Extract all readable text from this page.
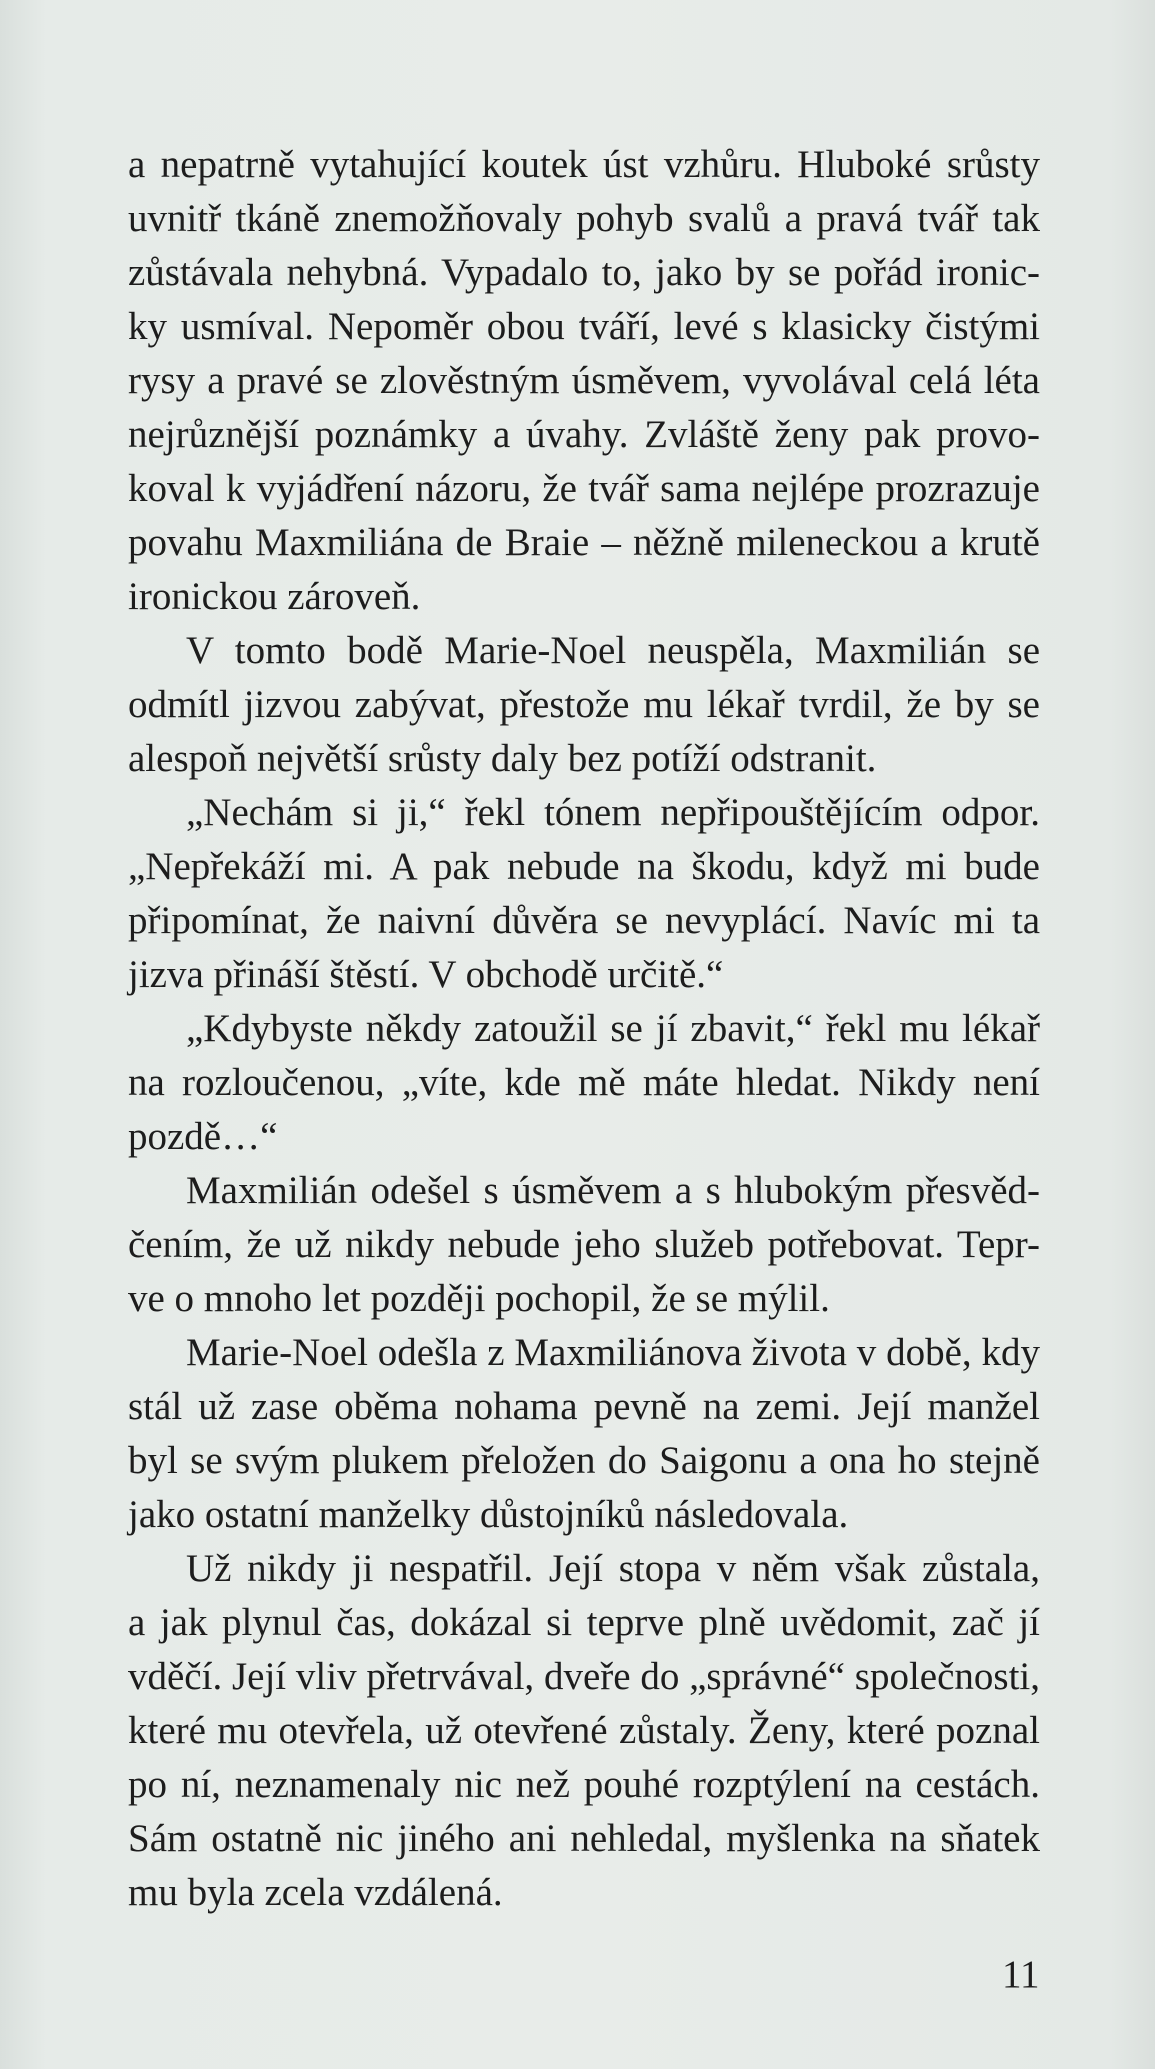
a nepatrně vytahující koutek úst vzhůru. Hluboké srůsty
uvnitř tkáně znemožňovaly pohyb svalů a pravá tvář tak
zůstávala nehybná. Vypadalo to, jako by se pořád ironic-
ky usmíval. Nepoměr obou tváří, levé s klasicky čistými
rysy a pravé se zlověstným úsměvem, vyvolával celá léta
nejrůznější poznámky a úvahy. Zvláště ženy pak provo-
koval k vyjádření názoru, že tvář sama nejlépe prozrazuje
povahu Maxmiliána de Braie – něžně mileneckou a krutě
ironickou zároveň.
V tomto bodě Marie-Noel neuspěla, Maxmilián se
odmítl jizvou zabývat, přestože mu lékař tvrdil, že by se
alespoň největší srůsty daly bez potíží odstranit.
„Nechám si ji,“ řekl tónem nepřipouštějícím odpor.
„Nepřekáží mi. A pak nebude na škodu, když mi bude
připomínat, že naivní důvěra se nevyplácí. Navíc mi ta
jizva přináší štěstí. V obchodě určitě.“
„Kdybyste někdy zatoužil se jí zbavit,“ řekl mu lékař
na rozloučenou, „víte, kde mě máte hledat. Nikdy není
pozdě…“
Maxmilián odešel s úsměvem a s hlubokým přesvěd-
čením, že už nikdy nebude jeho služeb potřebovat. Tepr-
ve o mnoho let později pochopil, že se mýlil.
Marie-Noel odešla z Maxmiliánova života v době, kdy
stál už zase oběma nohama pevně na zemi. Její manžel
byl se svým plukem přeložen do Saigonu a ona ho stejně
jako ostatní manželky důstojníků následovala.
Už nikdy ji nespatřil. Její stopa v něm však zůstala,
a jak plynul čas, dokázal si teprve plně uvědomit, zač jí
vděčí. Její vliv přetrvával, dveře do „správné“ společnosti,
které mu otevřela, už otevřené zůstaly. Ženy, které poznal
po ní, neznamenaly nic než pouhé rozptýlení na cestách.
Sám ostatně nic jiného ani nehledal, myšlenka na sňatek
mu byla zcela vzdálená.
11
